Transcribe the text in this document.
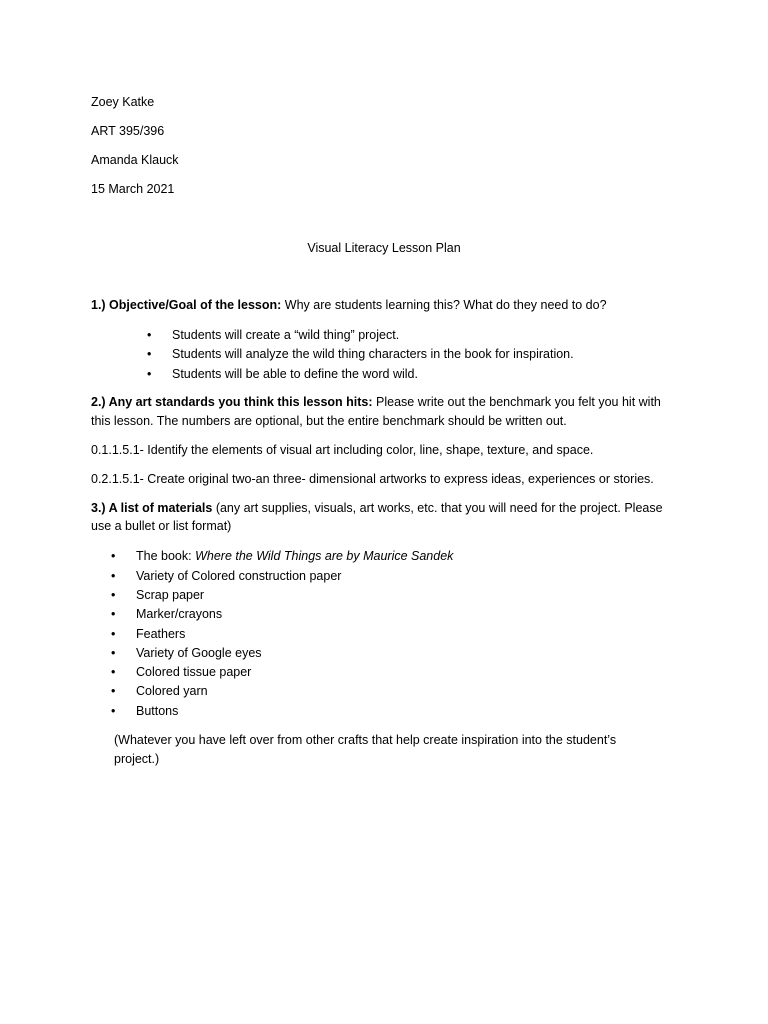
Zoey Katke
ART 395/396
Amanda Klauck
15 March 2021
Visual Literacy Lesson Plan
1.) Objective/Goal of the lesson: Why are students learning this? What do they need to do?
•	Students will create a “wild thing” project.
•	Students will analyze the wild thing characters in the book for inspiration.
•	Students will be able to define the word wild.
2.) Any art standards you think this lesson hits: Please write out the benchmark you felt you hit with
this lesson. The numbers are optional, but the entire benchmark should be written out.
0.1.1.5.1- Identify the elements of visual art including color, line, shape, texture, and space.
0.2.1.5.1- Create original two-an three- dimensional artworks to express ideas, experiences or stories.
3.) A list of materials (any art supplies, visuals, art works, etc. that you will need for the project. Please
use a bullet or list format)
•	The book: Where the Wild Things are by Maurice Sandek
•	Variety of Colored construction paper
•	Scrap paper
•	Marker/crayons
•	Feathers
•	Variety of Google eyes
•	Colored tissue paper
•	Colored yarn
•	Buttons
(Whatever you have left over from other crafts that help create inspiration into the student’s
project.)
